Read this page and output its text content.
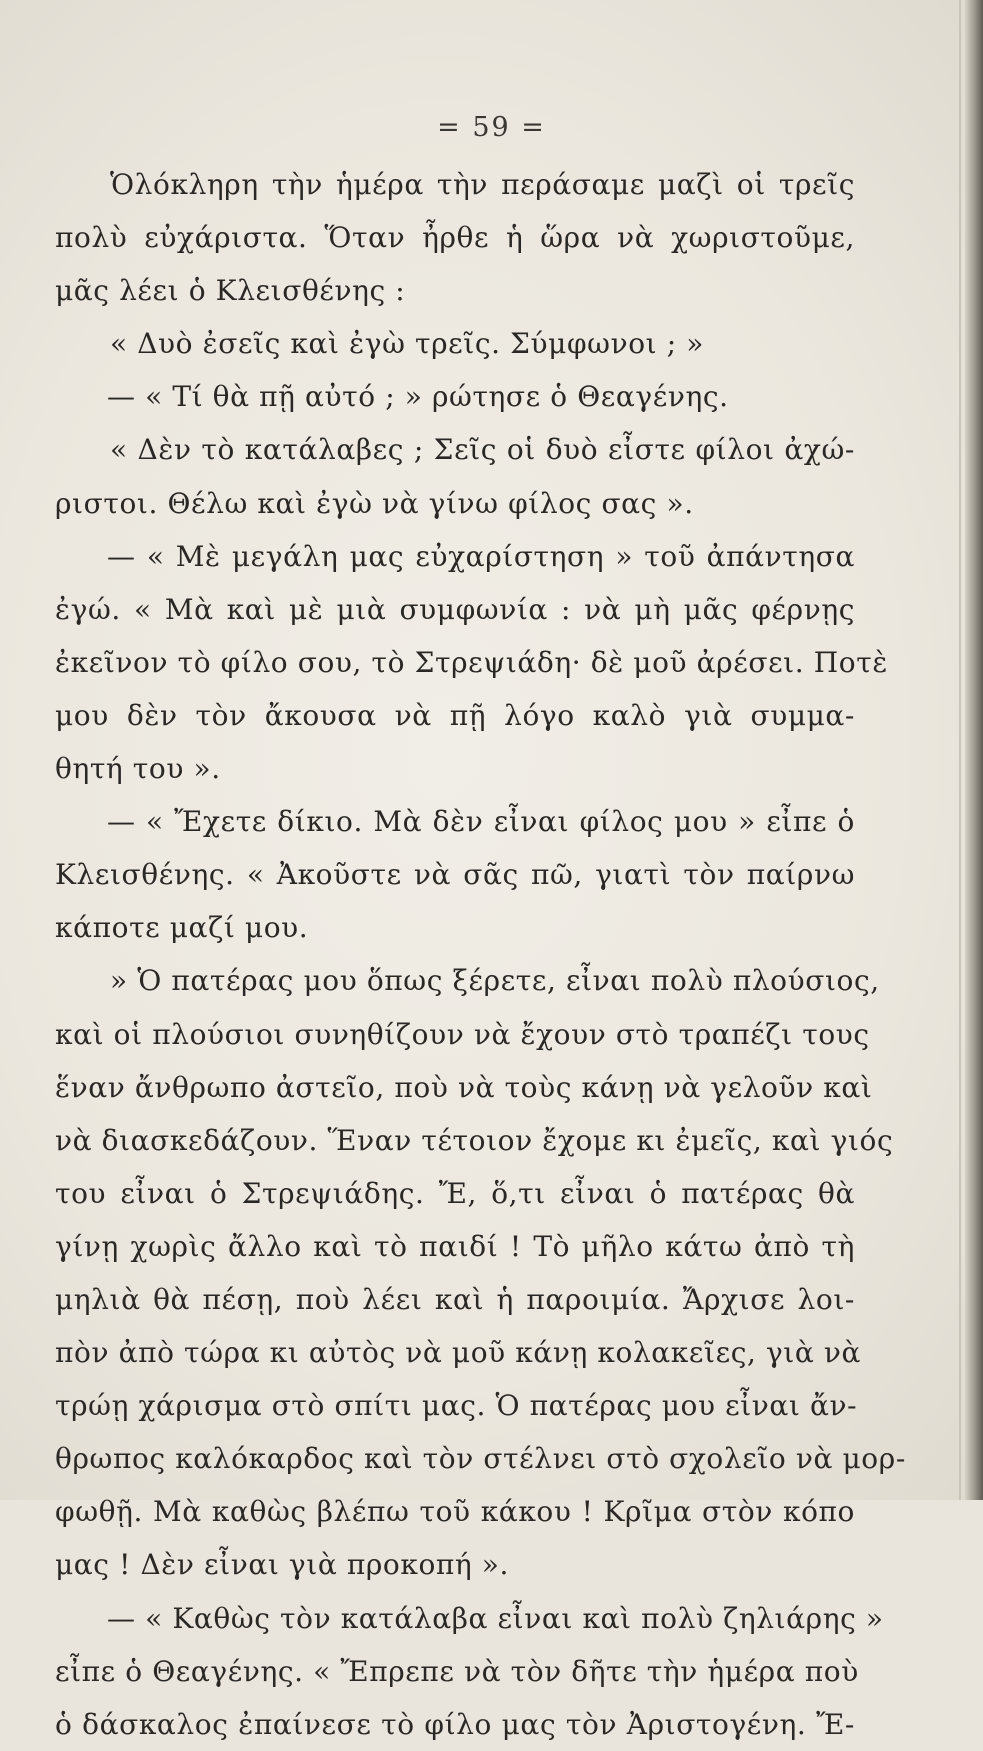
= 59 =
Ὁλόκληρη τὴν ἡμέρα τὴν περάσαμε μαζὶ οἱ τρεῖς
πολὺ εὐχάριστα. Ὅταν ἦρθε ἡ ὥρα νὰ χωριστοῦμε,
μᾶς λέει ὁ Κλεισθένης :
« Δυὸ ἐσεῖς καὶ ἐγὼ τρεῖς. Σύμφωνοι ; »
— « Τί θὰ πῇ αὐτό ; » ρώτησε ὁ Θεαγένης.
« Δὲν τὸ κατάλαβες ; Σεῖς οἱ δυὸ εἶστε φίλοι ἀχώ-
ριστοι. Θέλω καὶ ἐγὼ νὰ γίνω φίλος σας ».
— « Μὲ μεγάλη μας εὐχαρίστηση » τοῦ ἀπάντησα
ἐγώ. « Μὰ καὶ μὲ μιὰ συμφωνία : νὰ μὴ μᾶς φέρνῃς
ἐκεῖνον τὸ φίλο σου, τὸ Στρεψιάδη· δὲ μοῦ ἀρέσει. Ποτὲ
μου δὲν τὸν ἄκουσα νὰ πῇ λόγο καλὸ γιὰ συμμα-
θητή του ».
— « Ἔχετε δίκιο. Μὰ δὲν εἶναι φίλος μου » εἶπε ὁ
Κλεισθένης. « Ἀκοῦστε νὰ σᾶς πῶ, γιατὶ τὸν παίρνω
κάποτε μαζί μου.
» Ὁ πατέρας μου ὅπως ξέρετε, εἶναι πολὺ πλούσιος,
καὶ οἱ πλούσιοι συνηθίζουν νὰ ἔχουν στὸ τραπέζι τους
ἕναν ἄνθρωπο ἀστεῖο, ποὺ νὰ τοὺς κάνῃ νὰ γελοῦν καὶ
νὰ διασκεδάζουν. Ἕναν τέτοιον ἔχομε κι ἐμεῖς, καὶ γιός
του εἶναι ὁ Στρεψιάδης. Ἔ, ὅ,τι εἶναι ὁ πατέρας θὰ
γίνῃ χωρὶς ἄλλο καὶ τὸ παιδί ! Τὸ μῆλο κάτω ἀπὸ τὴ
μηλιὰ θὰ πέσῃ, ποὺ λέει καὶ ἡ παροιμία. Ἄρχισε λοι-
πὸν ἀπὸ τώρα κι αὐτὸς νὰ μοῦ κάνῃ κολακεῖες, γιὰ νὰ
τρώῃ χάρισμα στὸ σπίτι μας. Ὁ πατέρας μου εἶναι ἄν-
θρωπος καλόκαρδος καὶ τὸν στέλνει στὸ σχολεῖο νὰ μορ-
φωθῇ. Μὰ καθὼς βλέπω τοῦ κάκου ! Κρῖμα στὸν κόπο
μας ! Δὲν εἶναι γιὰ προκοπή ».
— « Καθὼς τὸν κατάλαβα εἶναι καὶ πολὺ ζηλιάρης »
εἶπε ὁ Θεαγένης. « Ἔπρεπε νὰ τὸν δῆτε τὴν ἡμέρα ποὺ
ὁ δάσκαλος ἐπαίνεσε τὸ φίλο μας τὸν Ἀριστογένη. Ἔ-
